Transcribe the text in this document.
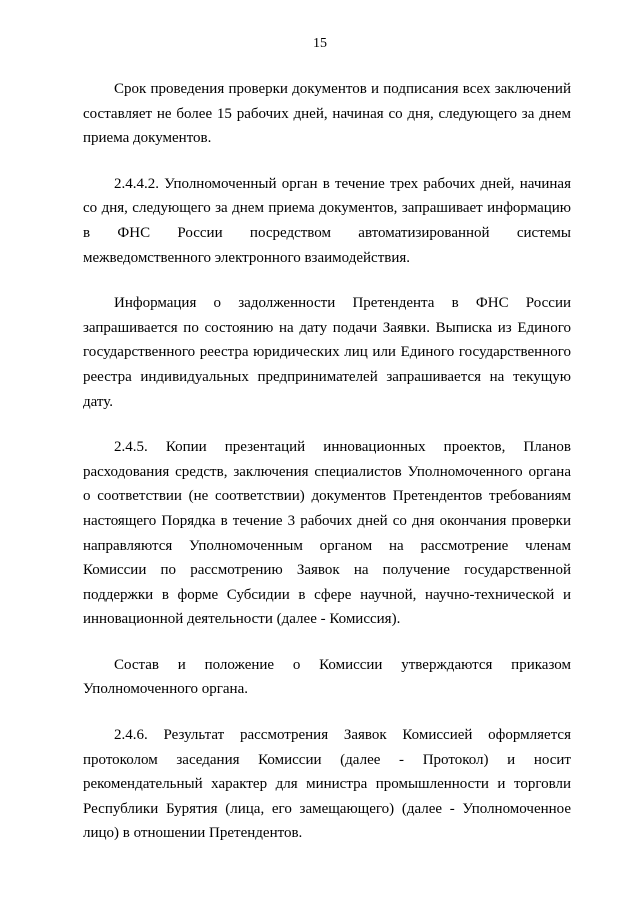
15

Срок проведения проверки документов и подписания всех заключений составляет не более 15 рабочих дней, начиная со дня, следующего за днем приема документов.

2.4.4.2. Уполномоченный орган в течение трех рабочих дней, начиная со дня, следующего за днем приема документов, запрашивает информацию в ФНС России посредством автоматизированной системы межведомственного электронного взаимодействия.

Информация о задолженности Претендента в ФНС России запрашивается по состоянию на дату подачи Заявки. Выписка из Единого государственного реестра юридических лиц или Единого государственного реестра индивидуальных предпринимателей запрашивается на текущую дату.

2.4.5. Копии презентаций инновационных проектов, Планов расходования средств, заключения специалистов Уполномоченного органа о соответствии (не соответствии) документов Претендентов требованиям настоящего Порядка в течение 3 рабочих дней со дня окончания проверки направляются Уполномоченным органом на рассмотрение членам Комиссии по рассмотрению Заявок на получение государственной поддержки в форме Субсидии в сфере научной, научно-технической и инновационной деятельности (далее - Комиссия).

Состав и положение о Комиссии утверждаются приказом Уполномоченного органа.

2.4.6. Результат рассмотрения Заявок Комиссией оформляется протоколом заседания Комиссии (далее - Протокол) и носит рекомендательный характер для министра промышленности и торговли Республики Бурятия (лица, его замещающего) (далее - Уполномоченное лицо) в отношении Претендентов.
